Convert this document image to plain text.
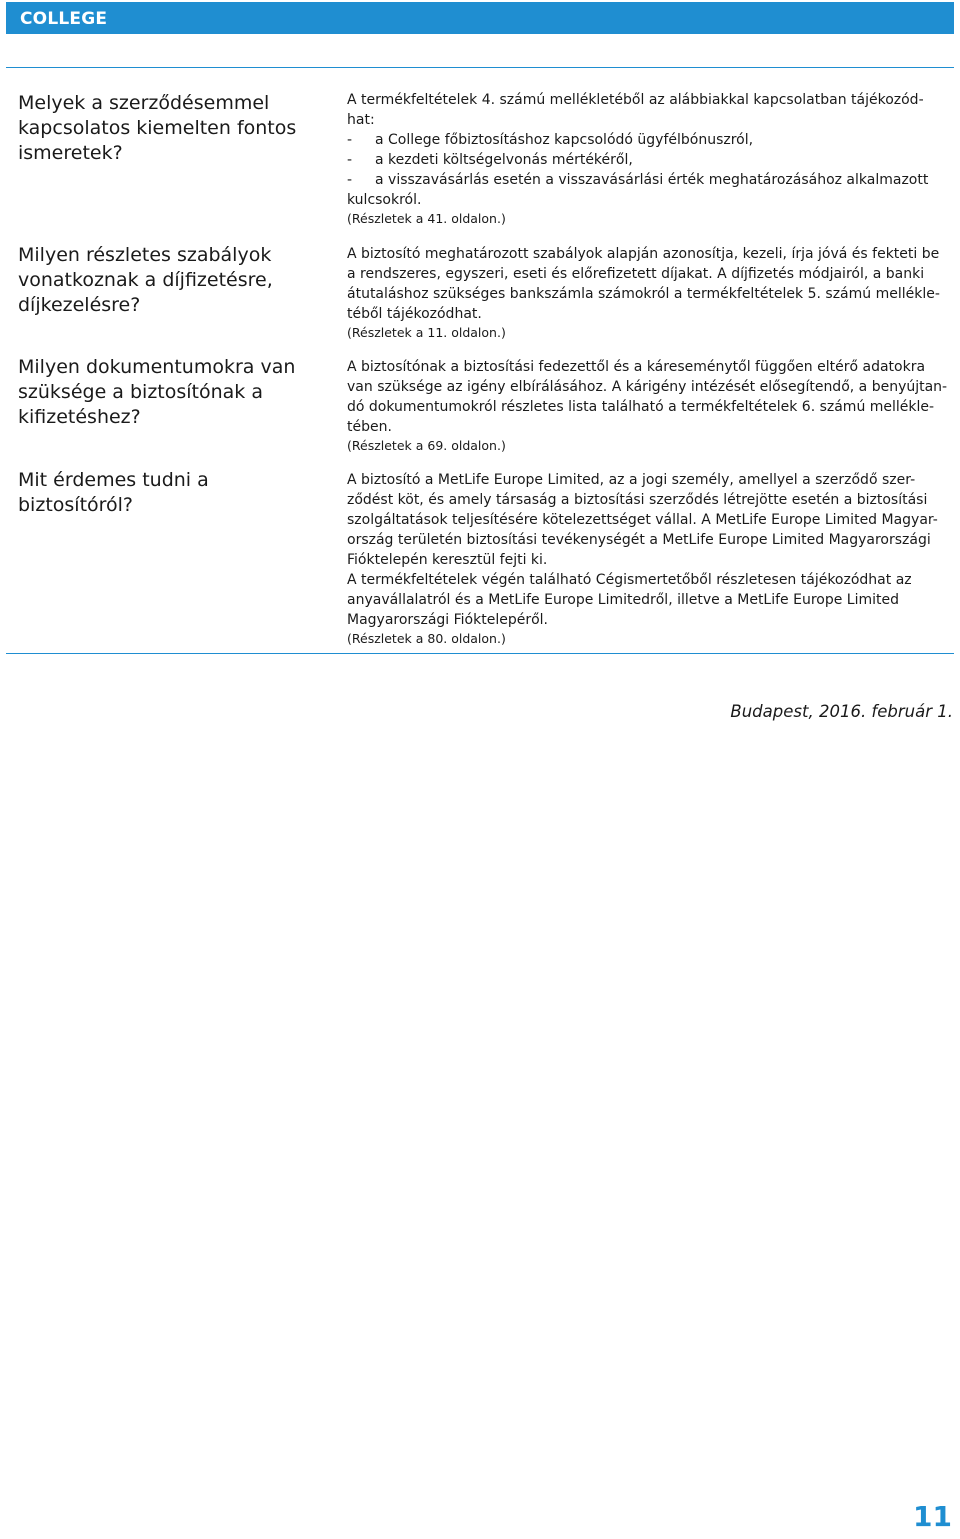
COLLEGE
Melyek a szerződésemmel
kapcsolatos kiemelten fontos
ismeretek?
Milyen részletes szabályok
vonatkoznak a díjfizetésre,
díjkezelésre?
Milyen dokumentumokra van
szüksége a biztosítónak a
kifizetéshez?
Mit érdemes tudni a
biztosítóról?
A termékfeltételek 4. számú mellékletéből az alábbiakkal kapcsolatban tájékozód-
hat:
- a College főbiztosításhoz kapcsolódó ügyfélbónuszról,
- a kezdeti költségelvonás mértékéről,
- a visszavásárlás esetén a visszavásárlási érték meghatározásához alkalmazott
kulcsokról.
(Részletek a 41. oldalon.)
A biztosító meghatározott szabályok alapján azonosítja, kezeli, írja jóvá és fekteti be
a rendszeres, egyszeri, eseti és előrefizetett díjakat. A díjfizetés módjairól, a banki
átutaláshoz szükséges bankszámla számokról a termékfeltételek 5. számú mellékle-
téből tájékozódhat.
(Részletek a 11. oldalon.)
A biztosítónak a biztosítási fedezettől és a káreseménytől függően eltérő adatokra
van szüksége az igény elbírálásához. A kárigény intézését elősegítendő, a benyújtan-
dó dokumentumokról részletes lista található a termékfeltételek 6. számú mellékle-
tében.
(Részletek a 69. oldalon.)
A biztosító a MetLife Europe Limited, az a jogi személy, amellyel a szerződő szer-
ződést köt, és amely társaság a biztosítási szerződés létrejötte esetén a biztosítási
szolgáltatások teljesítésére kötelezettséget vállal. A MetLife Europe Limited Magyar-
ország területén biztosítási tevékenységét a MetLife Europe Limited Magyarországi
Fióktelepén keresztül fejti ki.
A termékfeltételek végén található Cégismertetőből részletesen tájékozódhat az
anyavállalatról és a MetLife Europe Limitedről, illetve a MetLife Europe Limited
Magyarországi Fióktelepéről.
(Részletek a 80. oldalon.)
Budapest, 2016. február 1.
11
